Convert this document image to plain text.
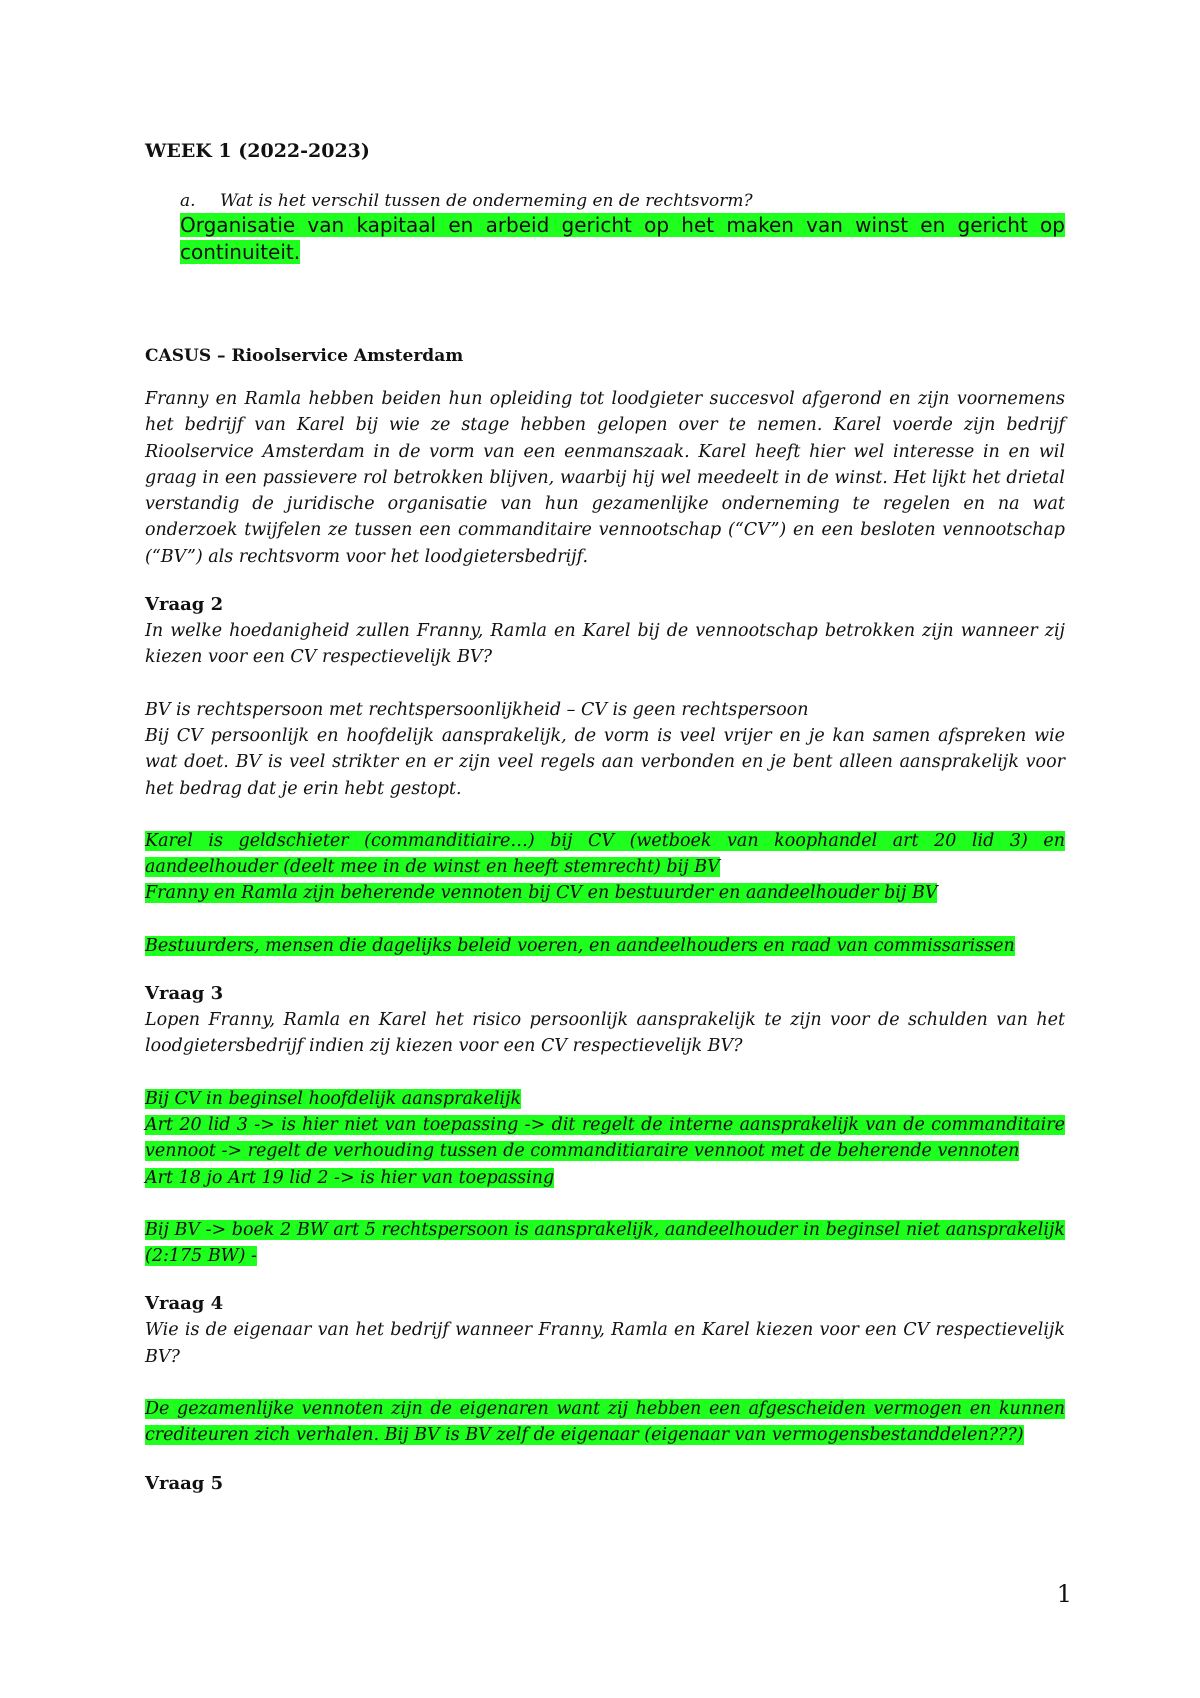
WEEK 1 (2022-2023)
a. Wat is het verschil tussen de onderneming en de rechtsvorm?
Organisatie van kapitaal en arbeid gericht op het maken van winst en gericht op continuiteit.
CASUS – Rioolservice Amsterdam

Franny en Ramla hebben beiden hun opleiding tot loodgieter succesvol afgerond en zijn voornemens het bedrijf van Karel bij wie ze stage hebben gelopen over te nemen. Karel voerde zijn bedrijf Rioolservice Amsterdam in de vorm van een eenmanszaak. Karel heeft hier wel interesse in en wil graag in een passievere rol betrokken blijven, waarbij hij wel meedeelt in de winst. Het lijkt het drietal verstandig de juridische organisatie van hun gezamenlijke onderneming te regelen en na wat onderzoek twijfelen ze tussen een commanditaire vennootschap (“CV”) en een besloten vennootschap (“BV”) als rechtsvorm voor het loodgietersbedrijf.

Vraag 2

In welke hoedanigheid zullen Franny, Ramla en Karel bij de vennootschap betrokken zijn wanneer zij kiezen voor een CV respectievelijk BV?

BV is rechtspersoon met rechtspersoonlijkheid – CV is geen rechtspersoon

Bij CV persoonlijk en hoofdelijk aansprakelijk, de vorm is veel vrijer en je kan samen afspreken wie wat doet. BV is veel strikter en er zijn veel regels aan verbonden en je bent alleen aansprakelijk voor het bedrag dat je erin hebt gestopt.

Karel is geldschieter (commanditiaire…) bij CV (wetboek van koophandel art 20 lid 3) en aandeelhouder (deelt mee in de winst en heeft stemrecht) bij BV

Franny en Ramla zijn beherende vennoten bij CV en bestuurder en aandeelhouder bij BV

Bestuurders, mensen die dagelijks beleid voeren, en aandeelhouders en raad van commissarissen

Vraag 3

Lopen Franny, Ramla en Karel het risico persoonlijk aansprakelijk te zijn voor de schulden van het loodgietersbedrijf indien zij kiezen voor een CV respectievelijk BV?

Bij CV in beginsel hoofdelijk aansprakelijk

Art 20 lid 3 -> is hier niet van toepassing -> dit regelt de interne aansprakelijk van de commanditaire vennoot -> regelt de verhouding tussen de commanditiaraire vennoot met de beherende vennoten

Art 18 jo Art 19 lid 2 -> is hier van toepassing

Bij BV -> boek 2 BW art 5 rechtspersoon is aansprakelijk, aandeelhouder in beginsel niet aansprakelijk (2:175 BW) -

Vraag 4

Wie is de eigenaar van het bedrijf wanneer Franny, Ramla en Karel kiezen voor een CV respectievelijk BV?

De gezamenlijke vennoten zijn de eigenaren want zij hebben een afgescheiden vermogen en kunnen crediteuren zich verhalen. Bij BV is BV zelf de eigenaar (eigenaar van vermogensbestanddelen???)

Vraag 5
1
